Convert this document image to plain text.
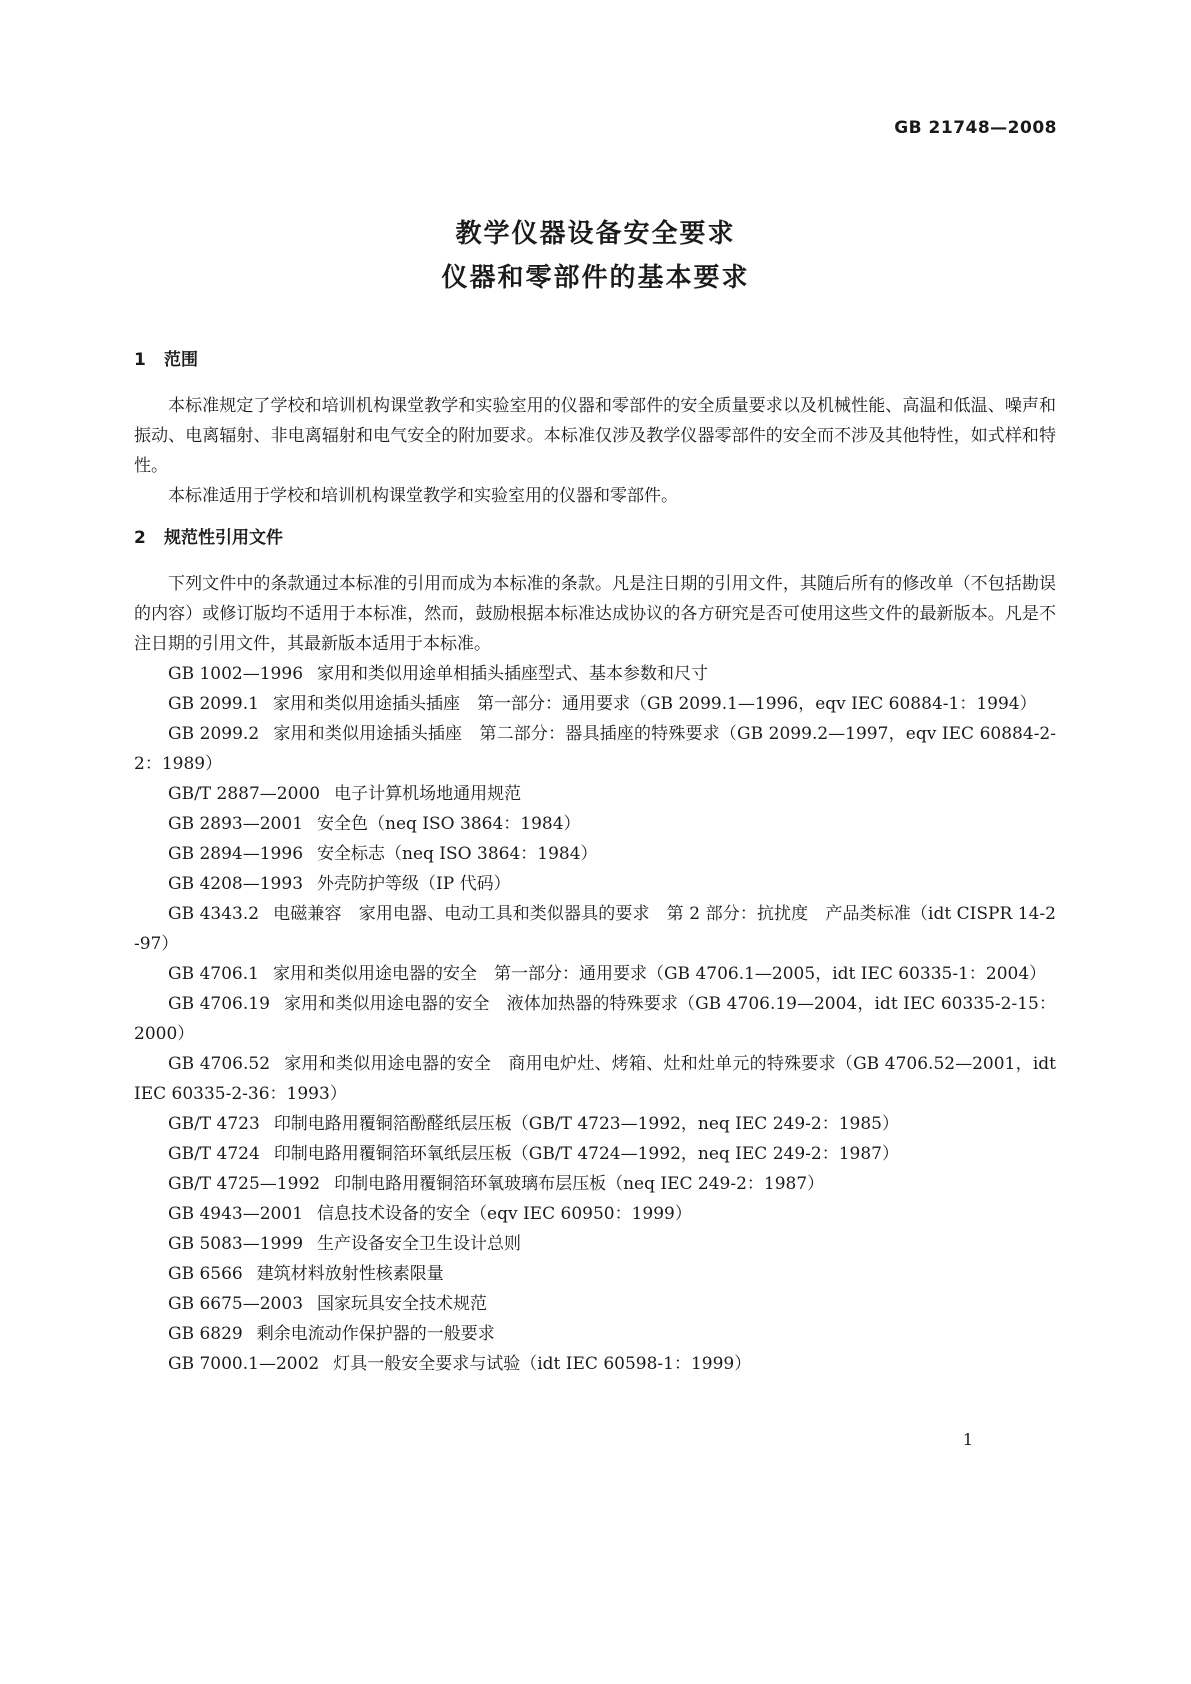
GB 21748—2008
教学仪器设备安全要求
仪器和零部件的基本要求

1 范围

本标准规定了学校和培训机构课堂教学和实验室用的仪器和零部件的安全质量要求以及机械性能、高温和低温、噪声和振动、电离辐射、非电离辐射和电气安全的附加要求。本标准仅涉及教学仪器零部件的安全而不涉及其他特性，如式样和特性。

本标准适用于学校和培训机构课堂教学和实验室用的仪器和零部件。

2 规范性引用文件

下列文件中的条款通过本标准的引用而成为本标准的条款。凡是注日期的引用文件，其随后所有的修改单（不包括勘误的内容）或修订版均不适用于本标准，然而，鼓励根据本标准达成协议的各方研究是否可使用这些文件的最新版本。凡是不注日期的引用文件，其最新版本适用于本标准。

GB 1002—1996 家用和类似用途单相插头插座型式、基本参数和尺寸

GB 2099.1 家用和类似用途插头插座　第一部分：通用要求（GB 2099.1—1996，eqv IEC 60884-1：1994）

GB 2099.2 家用和类似用途插头插座　第二部分：器具插座的特殊要求（GB 2099.2—1997，eqv IEC 60884-2-2：1989）

GB/T 2887—2000 电子计算机场地通用规范

GB 2893—2001 安全色（neq ISO 3864：1984）

GB 2894—1996 安全标志（neq ISO 3864：1984）

GB 4208—1993 外壳防护等级（IP 代码）

GB 4343.2 电磁兼容　家用电器、电动工具和类似器具的要求　第 2 部分：抗扰度　产品类标准（idt CISPR 14-2-97）

GB 4706.1 家用和类似用途电器的安全　第一部分：通用要求（GB 4706.1—2005，idt IEC 60335-1：2004）

GB 4706.19 家用和类似用途电器的安全　液体加热器的特殊要求（GB 4706.19—2004，idt IEC 60335-2-15：2000）

GB 4706.52 家用和类似用途电器的安全　商用电炉灶、烤箱、灶和灶单元的特殊要求（GB 4706.52—2001，idt IEC 60335-2-36：1993）

GB/T 4723 印制电路用覆铜箔酚醛纸层压板（GB/T 4723—1992，neq IEC 249-2：1985）

GB/T 4724 印制电路用覆铜箔环氧纸层压板（GB/T 4724—1992，neq IEC 249-2：1987）

GB/T 4725—1992 印制电路用覆铜箔环氧玻璃布层压板（neq IEC 249-2：1987）

GB 4943—2001 信息技术设备的安全（eqv IEC 60950：1999）

GB 5083—1999 生产设备安全卫生设计总则

GB 6566 建筑材料放射性核素限量

GB 6675—2003 国家玩具安全技术规范

GB 6829 剩余电流动作保护器的一般要求

GB 7000.1—2002 灯具一般安全要求与试验（idt IEC 60598-1：1999）

1
